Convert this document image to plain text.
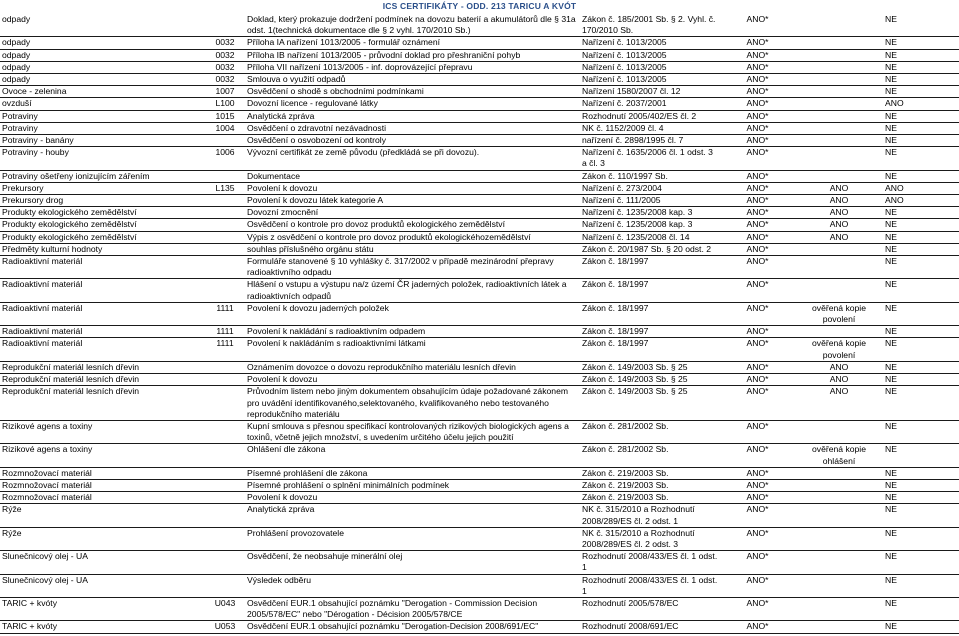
ICS CERTIFIKÁTY - ODD. 213 TARICU A KVÓT
odpady		Doklad, který prokazuje dodržení podmínek na dovozu baterií a akumulátorů dle § 31a odst. 1(technická dokumentace dle § 2 vyhl. 170/2010 Sb.)	Zákon č. 185/2001 Sb. § 2. Vyhl. č. 170/2010 Sb.	ANO*		NE
odpady	0032	Příloha IA nařízení 1013/2005 - formulář oznámení	Nařízení č. 1013/2005	ANO*		NE
odpady	0032	Příloha IB nařízení 1013/2005 - průvodní doklad pro přeshraniční pohyb	Nařízení č. 1013/2005	ANO*		NE
odpady	0032	Příloha VII nařízení 1013/2005 - inf. doprovázející přepravu	Nařízení č. 1013/2005	ANO*		NE
odpady	0032	Smlouva o využití odpadů	Nařízení č. 1013/2005	ANO*		NE
Ovoce - zelenina	1007	Osvědčení o shodě s obchodními podmínkami	Nařízení 1580/2007 čl. 12	ANO*		NE
ovzduší	L100	Dovozní licence - regulované látky	Nařízení č. 2037/2001	ANO*		ANO
Potraviny	1015	Analytická zpráva	Rozhodnutí 2005/402/ES čl. 2	ANO*		NE
Potraviny	1004	Osvědčení o zdravotní nezávadnosti	NK č. 1152/2009 čl. 4	ANO*		NE
Potraviny - banány		Osvědčení o osvobození od kontroly	nařízení č. 2898/1995 čl. 7	ANO*		NE
Potraviny - houby	1006	Vývozní certifikát ze země původu (předkládá se při dovozu).	Nařízení č. 1635/2006 čl. 1 odst. 3 a čl. 3	ANO*		NE
Potraviny ošetřeny ionizujícím zářením		Dokumentace	Zákon č. 110/1997 Sb.	ANO*		NE
Prekursory	L135	Povolení k dovozu	Nařízení č. 273/2004	ANO*	ANO	ANO
Prekursory drog		Povolení k dovozu látek kategorie A	Nařízení č. 111/2005	ANO*	ANO	ANO
Produkty ekologického zemědělství		Dovozní zmocnění	Nařízení č. 1235/2008 kap. 3	ANO*	ANO	NE
Produkty ekologického zemědělství		Osvědčení o kontrole pro dovoz produktů ekologického zemědělství	Nařízení č. 1235/2008 kap. 3	ANO*	ANO	NE
Produkty ekologického zemědělství		Výpis z osvědčení o kontrole pro dovoz produktů ekologickéhozemědělství	Nařízení č. 1235/2008 čl. 14	ANO*	ANO	NE
Předměty kulturní hodnoty		souhlas příslušného orgánu státu	Zákon č. 20/1987 Sb. § 20 odst. 2	ANO*		NE
Radioaktivní materiál		Formuláře stanovené § 10 vyhlášky č. 317/2002 v případě mezinárodní přepravy radioaktivního odpadu	Zákon č. 18/1997	ANO*		NE
Radioaktivní materiál		Hlášení o vstupu a výstupu na/z území ČR jaderných položek, radioaktivních látek a radioaktivních odpadů	Zákon č. 18/1997	ANO*		NE
Radioaktivní materiál	1111	Povolení k dovozu jaderných položek	Zákon č. 18/1997	ANO*	ověřená kopie povolení	NE
Radioaktivní materiál	1111	Povolení k nakládání s radioaktivním odpadem	Zákon č. 18/1997	ANO*		NE
Radioaktivní materiál	1111	Povolení k nakládáním s radioaktivními látkami	Zákon č. 18/1997	ANO*	ověřená kopie povolení	NE
Reprodukční materiál lesních dřevin		Oznámením dovozce o dovozu reprodukčního materiálu lesních dřevin	Zákon č. 149/2003 Sb. § 25	ANO*	ANO	NE
Reprodukční materiál lesních dřevin		Povolení k dovozu	Zákon č. 149/2003 Sb. § 25	ANO*	ANO	NE
Reprodukční materiál lesních dřevin		Průvodním listem nebo jiným dokumentem obsahujícím údaje požadované zákonem pro uvádění identifikovaného,selektovaného, kvalifikovaného nebo testovaného reprodukčního materiálu	Zákon č. 149/2003 Sb. § 25	ANO*	ANO	NE
Rizikové agens a toxiny		Kupní smlouva s přesnou specifikací kontrolovaných rizikových biologických agens a toxinů, včetně jejich množství, s uvedením určitého účelu jejich použití	Zákon č. 281/2002 Sb.	ANO*		NE
Rizikové agens a toxiny		Ohlášení dle zákona	Zákon č. 281/2002 Sb.	ANO*	ověřená kopie ohlášení	NE
Rozmnožovací materiál		Písemné prohlášení dle zákona	Zákon č. 219/2003 Sb.	ANO*		NE
Rozmnožovací materiál		Písemné prohlášení o splnění minimálních podmínek	Zákon č. 219/2003 Sb.	ANO*		NE
Rozmnožovací materiál		Povolení k dovozu	Zákon č. 219/2003 Sb.	ANO*		NE
Rýže		Analytická zpráva	NK č. 315/2010 a Rozhodnutí 2008/289/ES čl. 2 odst. 1	ANO*		NE
Rýže		Prohlášení provozovatele	NK č. 315/2010 a Rozhodnutí 2008/289/ES čl. 2 odst. 3	ANO*		NE
Slunečnicový olej - UA		Osvědčení, že neobsahuje minerální olej	Rozhodnutí 2008/433/ES čl. 1 odst. 1	ANO*		NE
Slunečnicový olej - UA		Výsledek odběru	Rozhodnutí 2008/433/ES čl. 1 odst. 1	ANO*		NE
TARIC + kvóty	U043	Osvědčení EUR.1 obsahující poznámku "Derogation - Commission Decision 2005/578/EC" nebo "Dérogation - Décision 2005/578/CE	Rozhodnutí 2005/578/EC	ANO*		NE
TARIC + kvóty	U053	Osvědčení EUR.1 obsahující poznámku "Derogation-Decision 2008/691/EC"	Rozhodnutí 2008/691/EC	ANO*		NE
